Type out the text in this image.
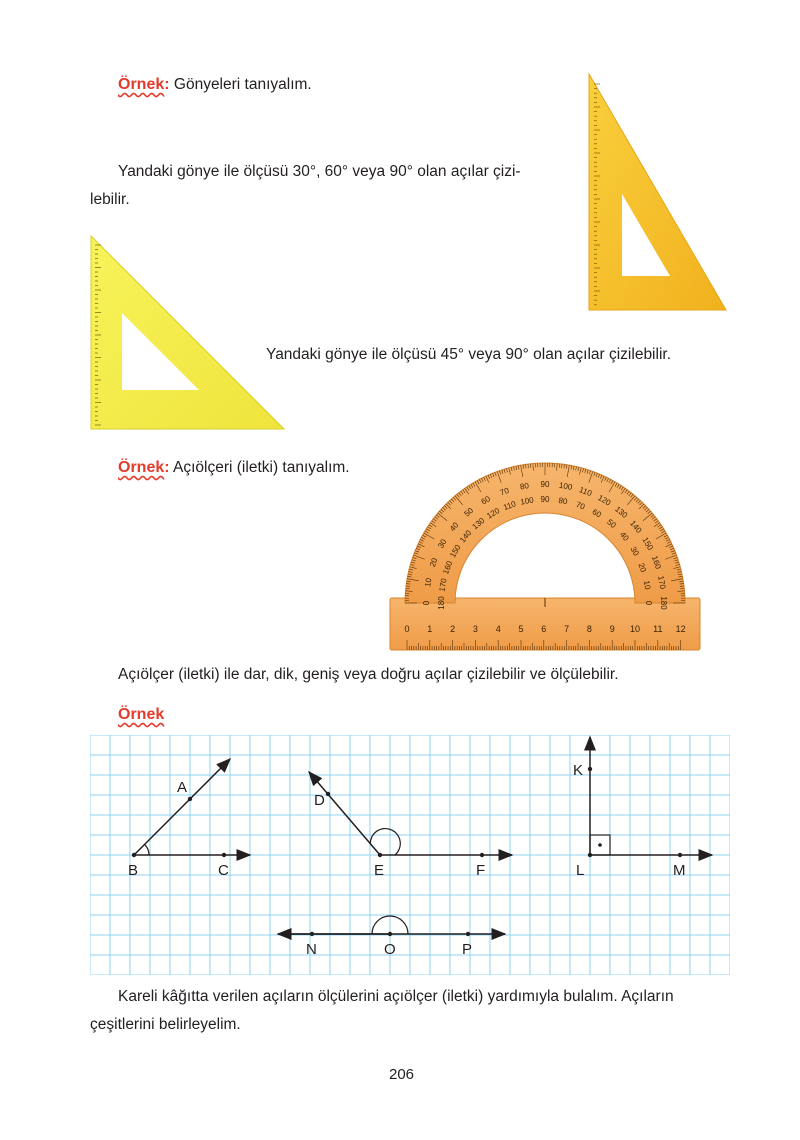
Örnek: Gönyeleri tanıyalım.
Yandaki gönye ile ölçüsü 30°, 60° veya 90° olan açılar çizi-
lebilir.
Yandaki gönye ile ölçüsü 45° veya 90° olan açılar çizilebilir.
Örnek: Açıölçeri (iletki) tanıyalım.
0
10
20
30
40
50
60
70 80 90 100 110
120
130
140
150
160
170
180
180
170
160
150
140
130
120
110 100 90 80 70
60
50
40
30
20
10
0
0 1 2 3 4 5 6 7 8 9 10 11 12
Açıölçer (iletki) ile dar, dik, geniş veya doğru açılar çizilebilir ve ölçülebilir.
Örnek
A
B	C
D
E	F
K
L	M
N	O	P
Kareli kâğıtta verilen açıların ölçülerini açıölçer (iletki) yardımıyla bulalım. Açıların
çeşitlerini belirleyelim.
206
